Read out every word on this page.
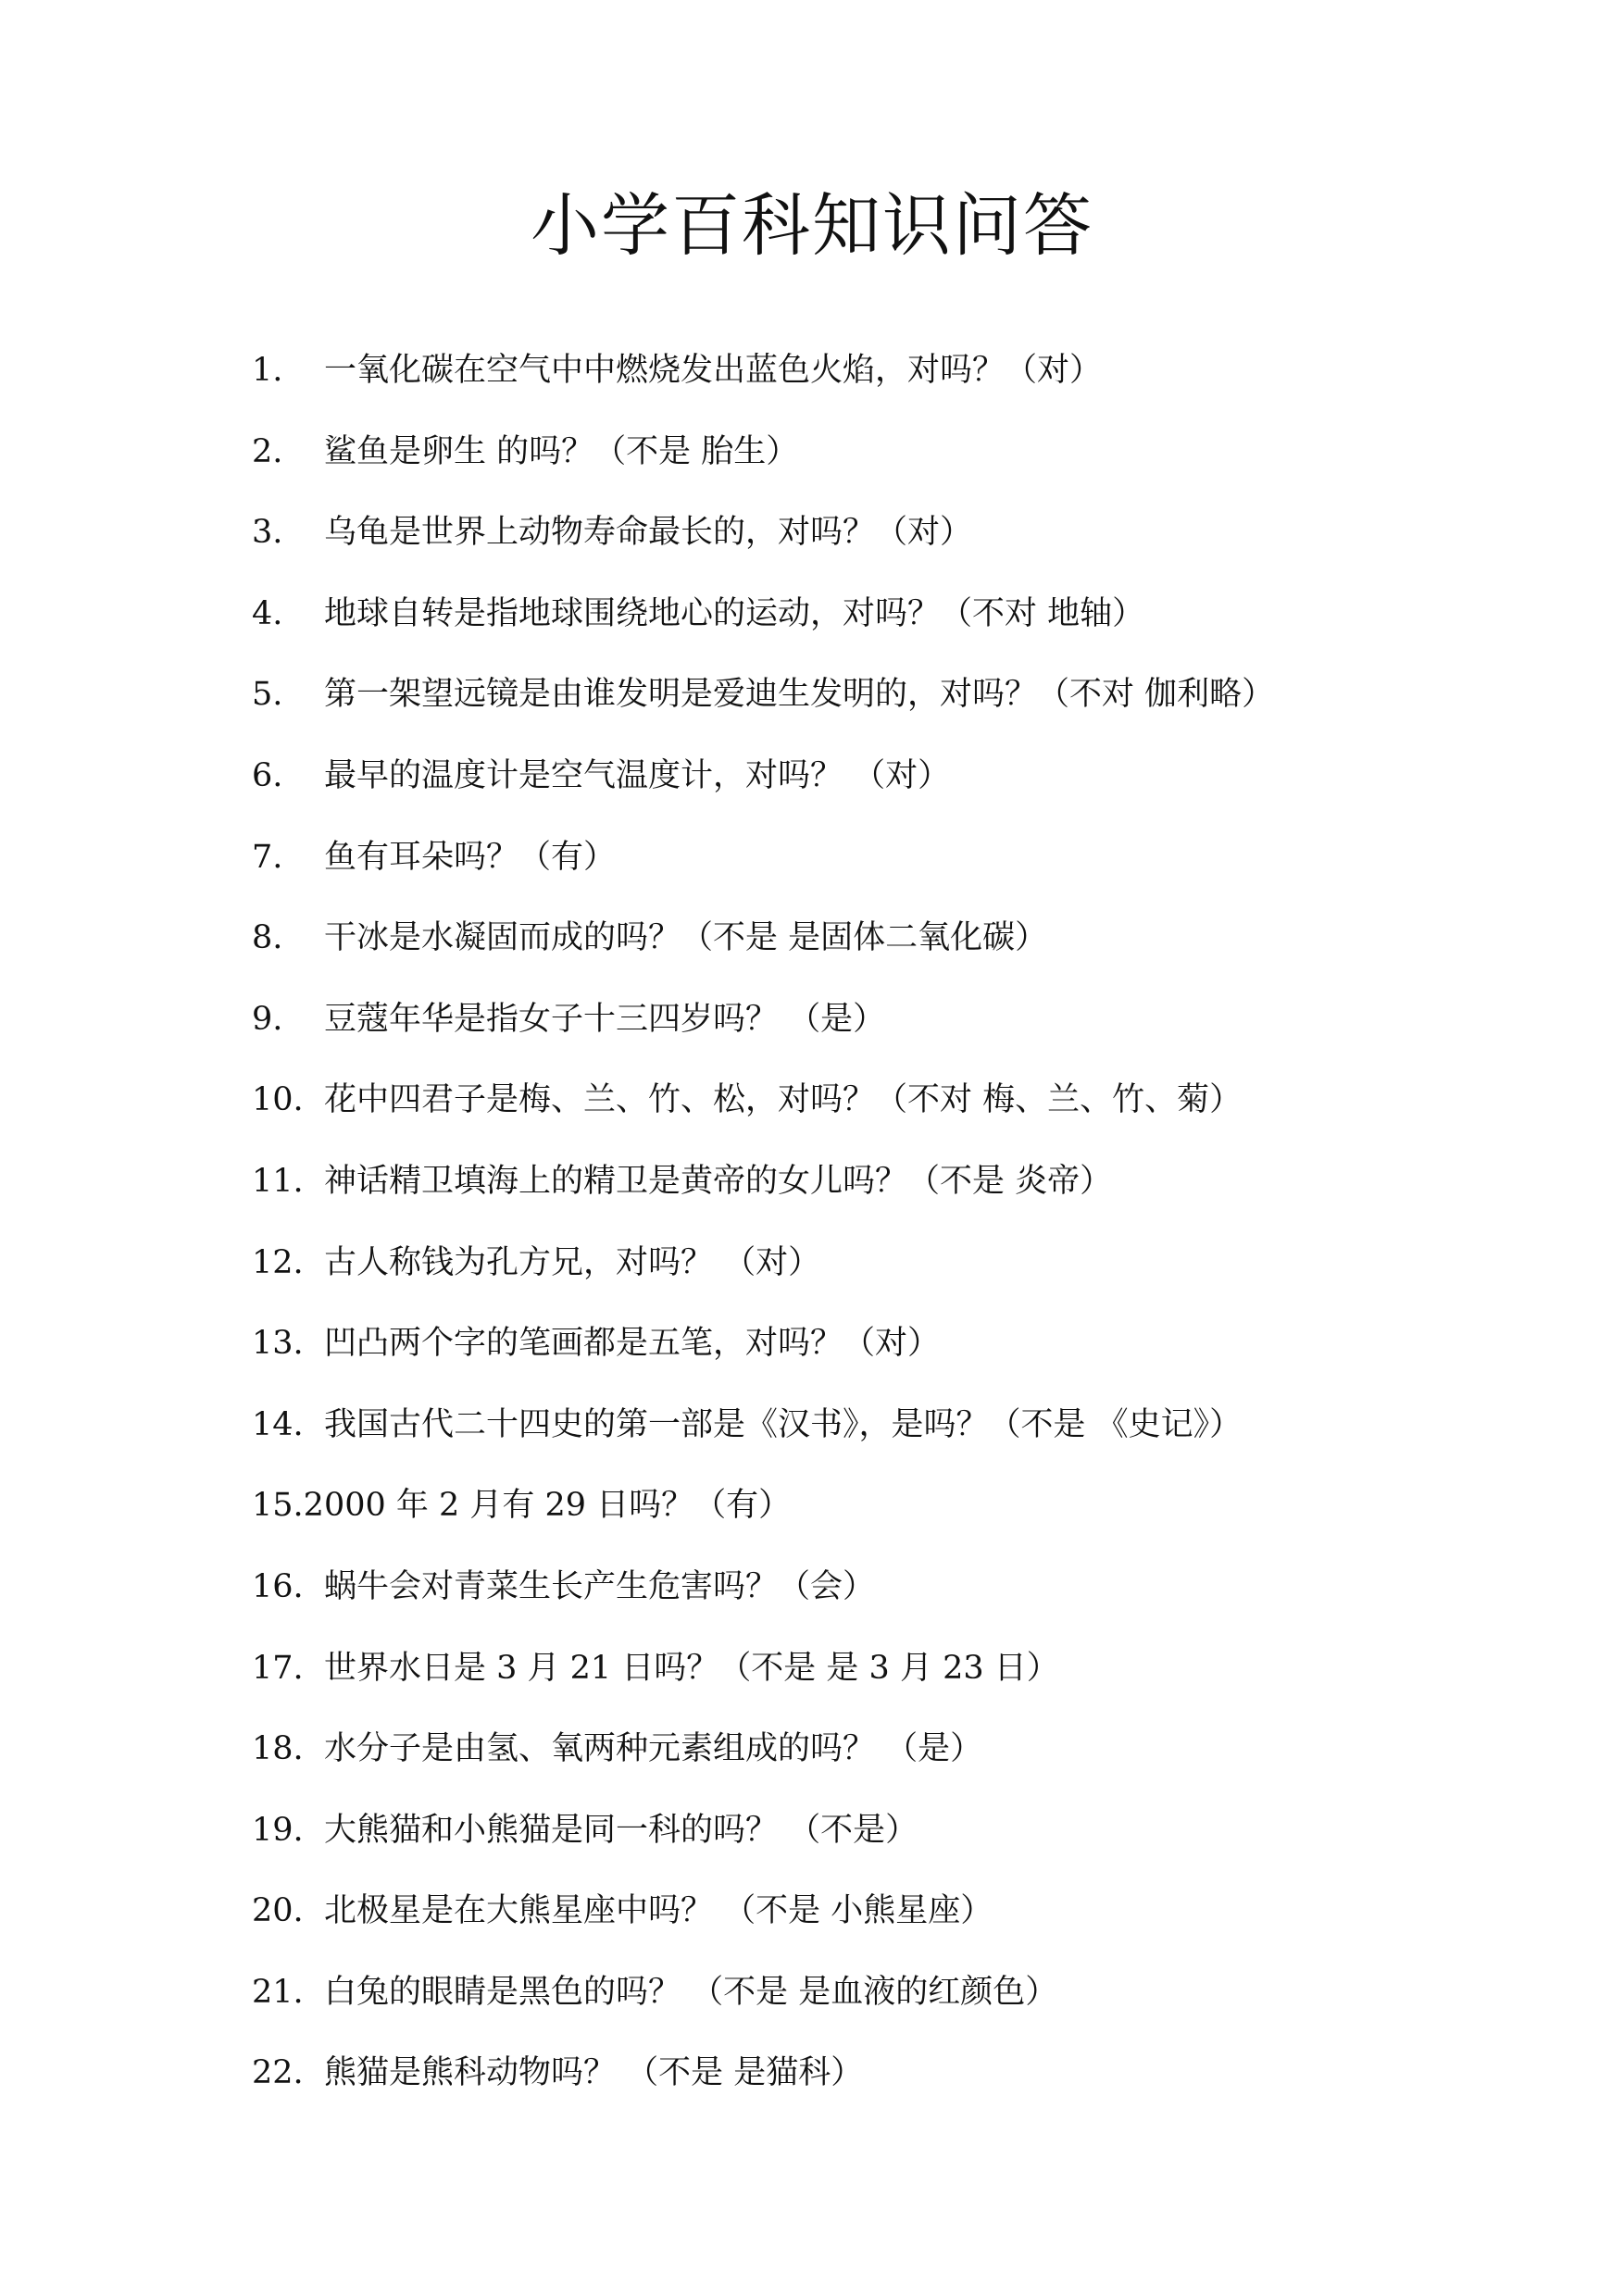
小学百科知识问答
1.	一氧化碳在空气中中燃烧发出蓝色火焰，对吗？（对）
2.	鲨鱼是卵生 的吗？（不是 胎生）
3.	乌龟是世界上动物寿命最长的，对吗？（对）
4.	地球自转是指地球围绕地心的运动，对吗？（不对 地轴）
5.	第一架望远镜是由谁发明是爱迪生发明的，对吗？（不对 伽利略）
6.	最早的温度计是空气温度计，对吗？ （对）
7.	鱼有耳朵吗？（有）
8.	干冰是水凝固而成的吗？（不是 是固体二氧化碳）
9.	豆蔻年华是指女子十三四岁吗？ （是）
10. 花中四君子是梅、兰、竹、松，对吗？（不对 梅、兰、竹、菊）
11. 神话精卫填海上的精卫是黄帝的女儿吗？（不是 炎帝）
12. 古人称钱为孔方兄，对吗？ （对）
13. 凹凸两个字的笔画都是五笔，对吗？（对）
14. 我国古代二十四史的第一部是《汉书》，是吗？（不是 《史记》）
15. 2000 年 2 月有 29 日吗？（有）
16. 蜗牛会对青菜生长产生危害吗？（会）
17. 世界水日是 3 月 21 日吗？（不是 是 3 月 23 日）
18. 水分子是由氢、氧两种元素组成的吗？ （是）
19. 大熊猫和小熊猫是同一科的吗？ （不是）
20. 北极星是在大熊星座中吗？ （不是 小熊星座）
21. 白兔的眼睛是黑色的吗？ （不是 是血液的红颜色）
22. 熊猫是熊科动物吗？ （不是 是猫科）
